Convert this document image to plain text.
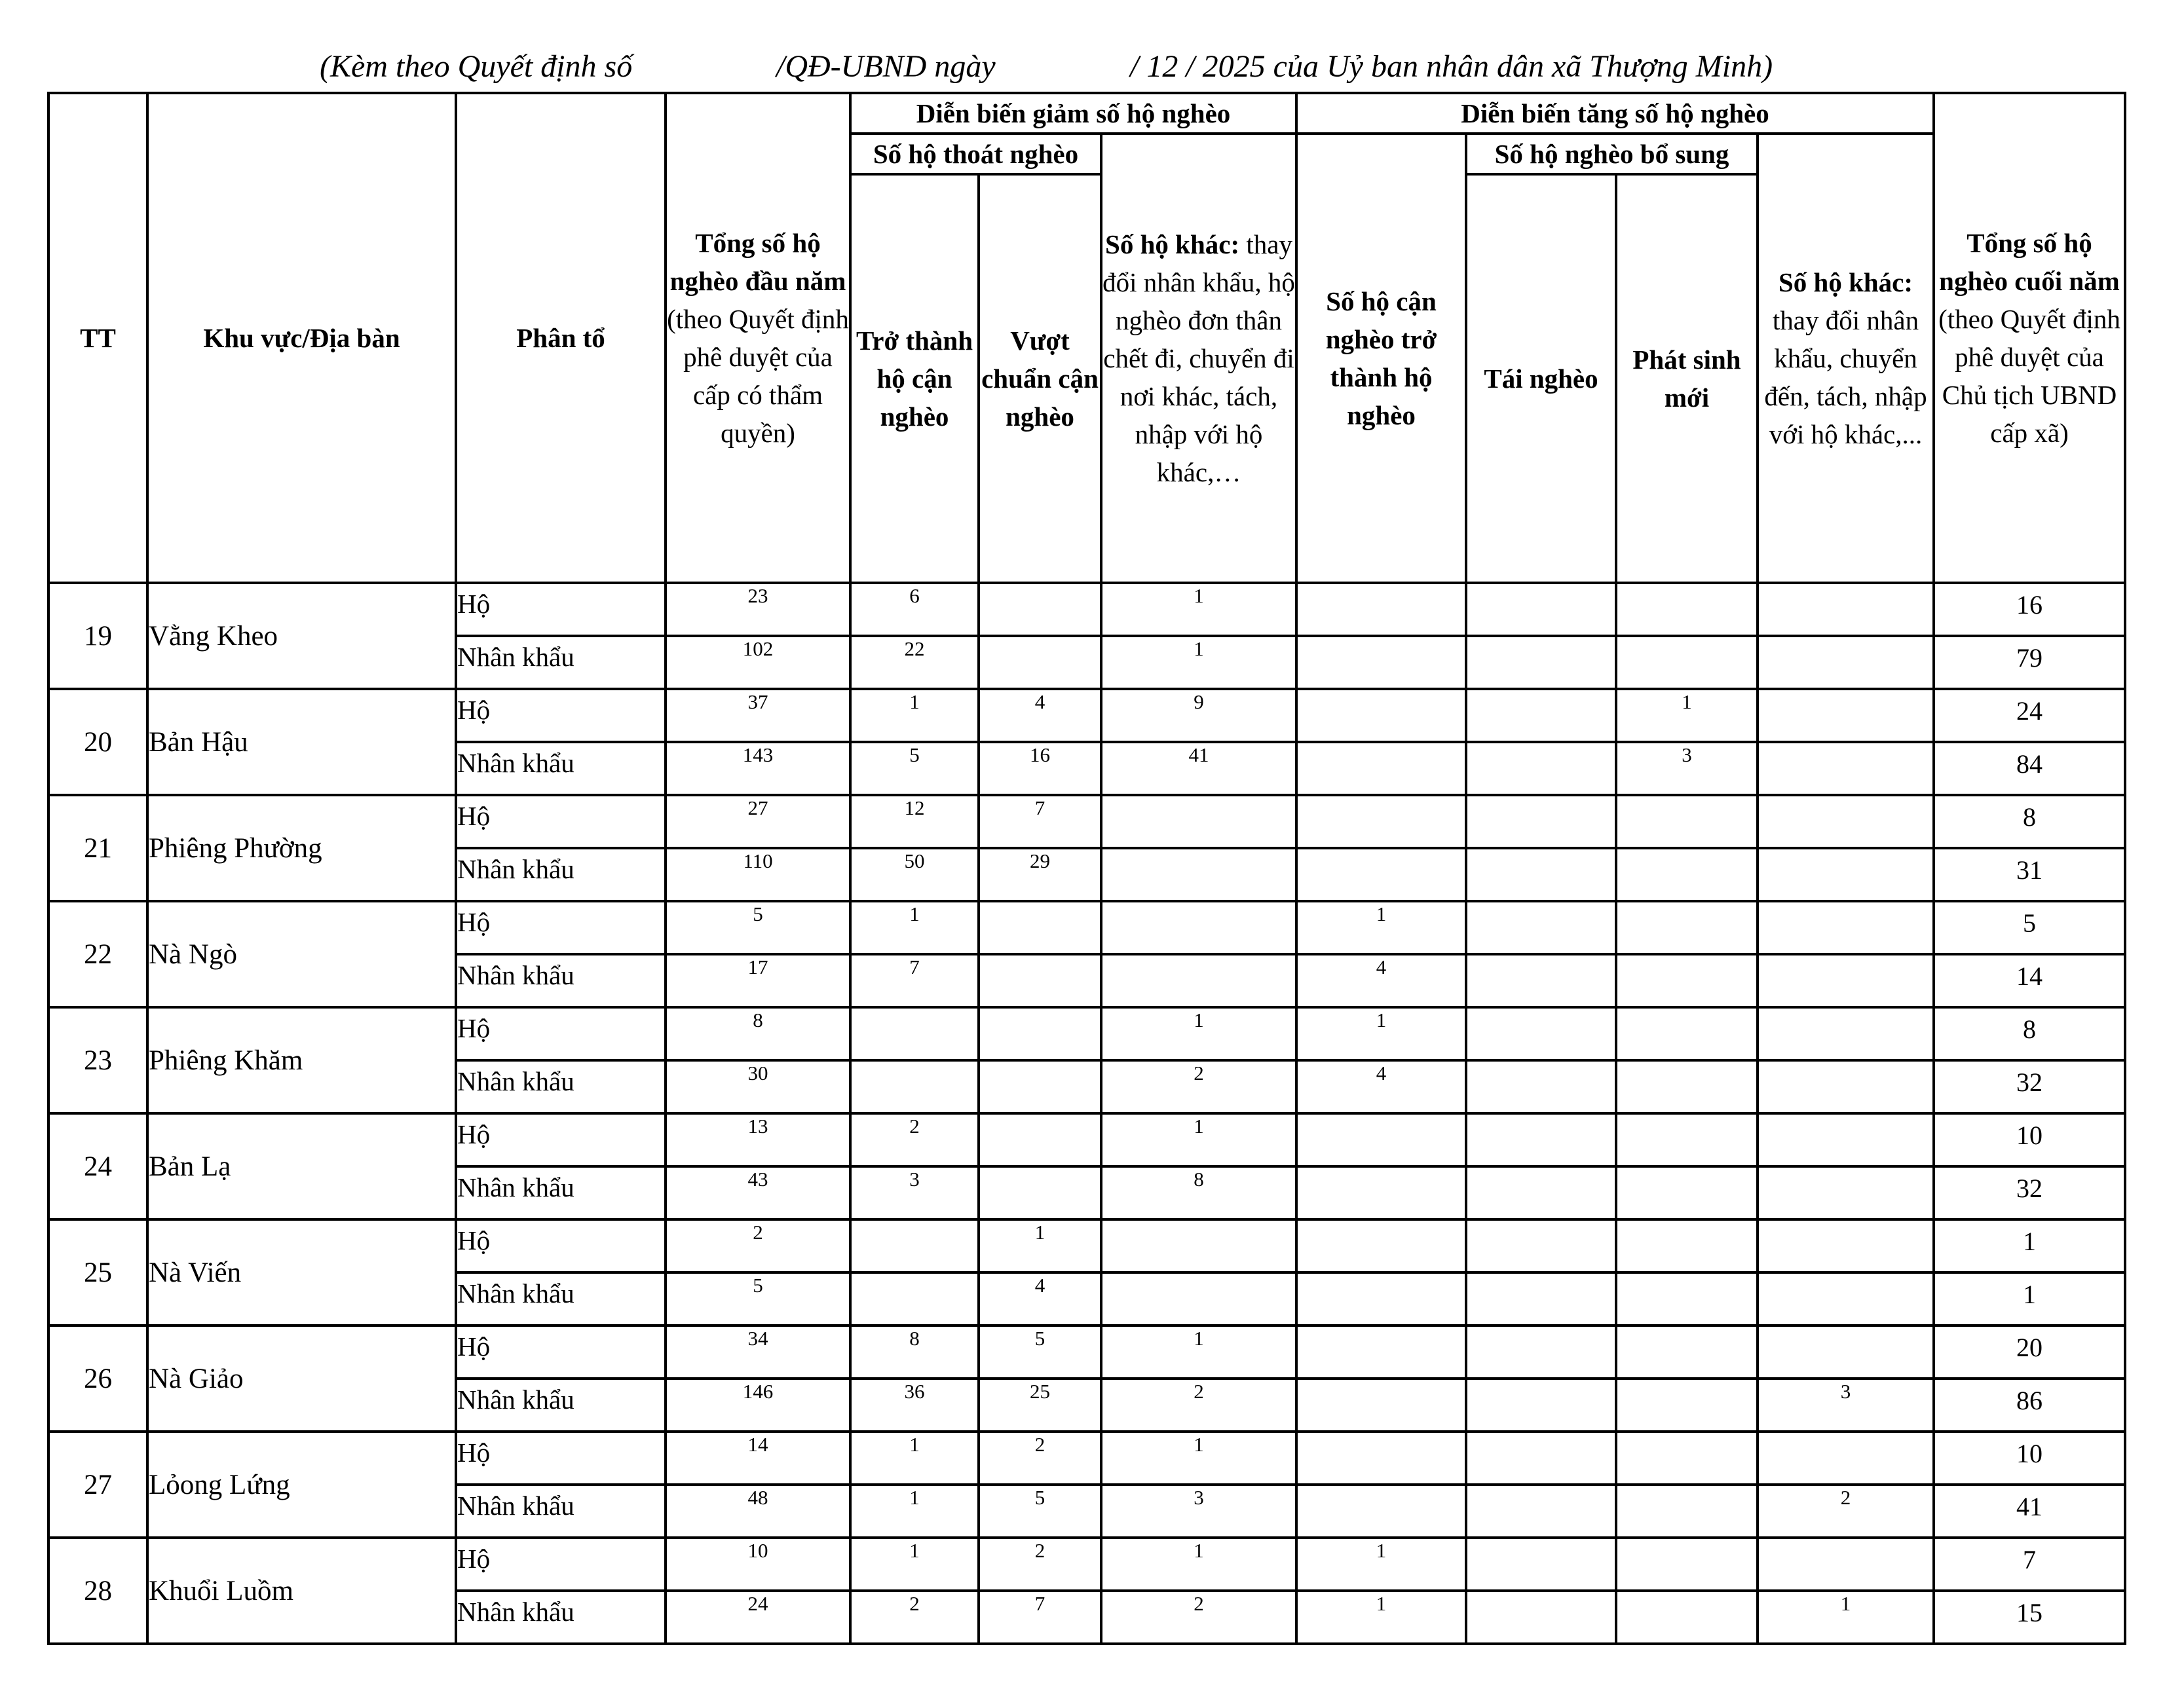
(Kèm theo Quyết định số	/QĐ-UBND ngày	/ 12 / 2025 của Uỷ ban nhân dân xã Thượng Minh)
TT	Khu vực/Địa bàn	Phân tổ	Tổng số hộ nghèo đầu năm (theo Quyết định phê duyệt của cấp có thẩm quyền)	Diễn biến giảm số hộ nghèo			Diễn biến tăng số hộ nghèo				Tổng số hộ nghèo cuối năm (theo Quyết định phê duyệt của Chủ tịch UBND cấp xã)
				Số hộ thoát nghèo		Số hộ khác: thay đổi nhân khẩu, hộ nghèo đơn thân chết đi, chuyển đi nơi khác, tách, nhập với hộ khác,…	Số hộ cận nghèo trở thành hộ nghèo	Số hộ nghèo bổ sung		Số hộ khác: thay đổi nhân khẩu, chuyển đến, tách, nhập với hộ khác,...	
				Trở thành hộ cận nghèo	Vượt chuẩn cận nghèo			Tái nghèo	Phát sinh mới		
19	Vằng Kheo	Hộ	23	6		1					16
		Nhân khẩu	102	22		1					79
20	Bản Hậu	Hộ	37	1	4	9			1		24
		Nhân khẩu	143	5	16	41			3		84
21	Phiêng Phường	Hộ	27	12	7						8
		Nhân khẩu	110	50	29						31
22	Nà Ngò	Hộ	5	1			1				5
		Nhân khẩu	17	7			4				14
23	Phiêng Khăm	Hộ	8			1	1				8
		Nhân khẩu	30			2	4				32
24	Bản Lạ	Hộ	13	2		1					10
		Nhân khẩu	43	3		8					32
25	Nà Viến	Hộ	2		1						1
		Nhân khẩu	5		4						1
26	Nà Giảo	Hộ	34	8	5	1					20
		Nhân khẩu	146	36	25	2				3	86
27	Lỏong Lứng	Hộ	14	1	2	1					10
		Nhân khẩu	48	1	5	3				2	41
28	Khuổi Luồm	Hộ	10	1	2	1	1				7
		Nhân khẩu	24	2	7	2	1			1	15
